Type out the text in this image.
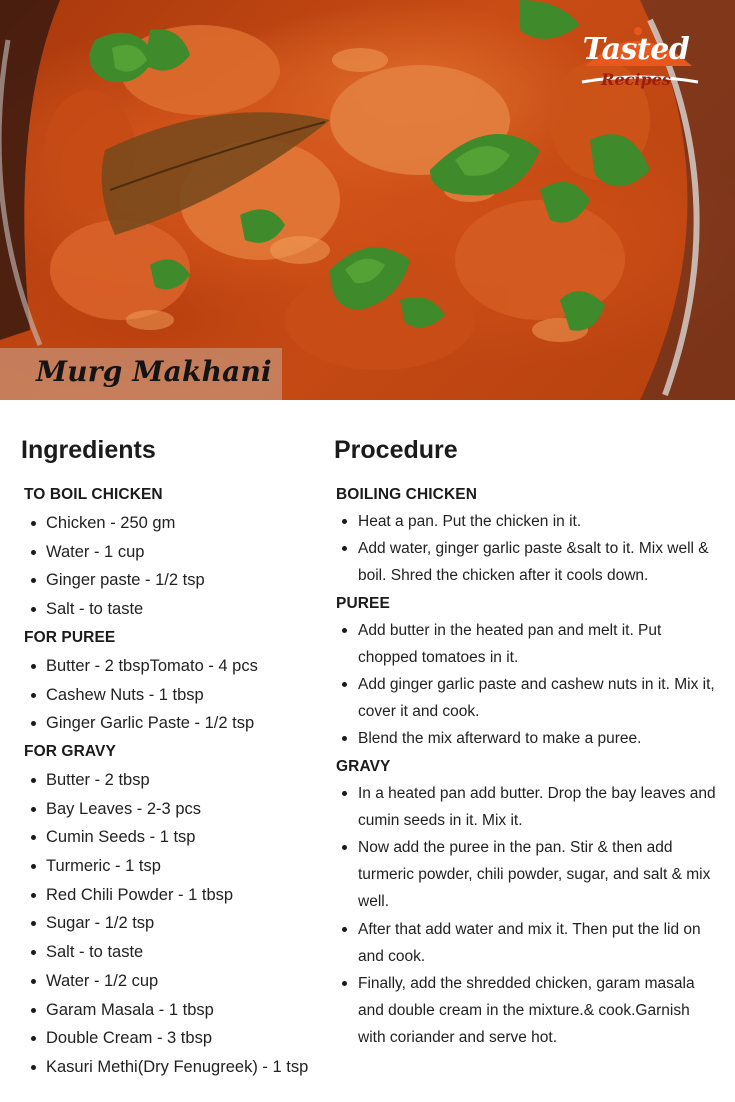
Tasted
Recipes
Murg Makhani
Ingredients
TO BOIL CHICKEN
Chicken - 250 gm
Water - 1 cup
Ginger paste - 1/2 tsp
Salt - to taste
FOR PUREE
Butter - 2 tbspTomato - 4 pcs
Cashew Nuts - 1 tbsp
Ginger Garlic Paste - 1/2 tsp
FOR GRAVY
Butter - 2 tbsp
Bay Leaves - 2-3 pcs
Cumin Seeds - 1 tsp
Turmeric - 1 tsp
Red Chili Powder - 1 tbsp
Sugar - 1/2 tsp
Salt - to taste
Water - 1/2 cup
Garam Masala - 1 tbsp
Double Cream - 3 tbsp
Kasuri Methi(Dry Fenugreek) - 1 tsp
Procedure
BOILING CHICKEN
Heat a pan. Put the chicken in it.
Add water, ginger garlic paste &salt to it. Mix well & boil. Shred the chicken after it cools down.
PUREE
Add butter in the heated pan and melt it. Put chopped tomatoes in it.
Add ginger garlic paste and cashew nuts in it. Mix it, cover it and cook.
Blend the mix afterward to make a puree.
GRAVY
In a heated pan add butter. Drop the bay leaves and cumin seeds in it. Mix it.
Now add the puree in the pan. Stir & then add turmeric powder, chili powder, sugar, and salt & mix well.
After that add water and mix it. Then put the lid on and cook.
Finally, add the shredded chicken, garam masala and double cream in the mixture.& cook.Garnish with coriander and serve hot.
